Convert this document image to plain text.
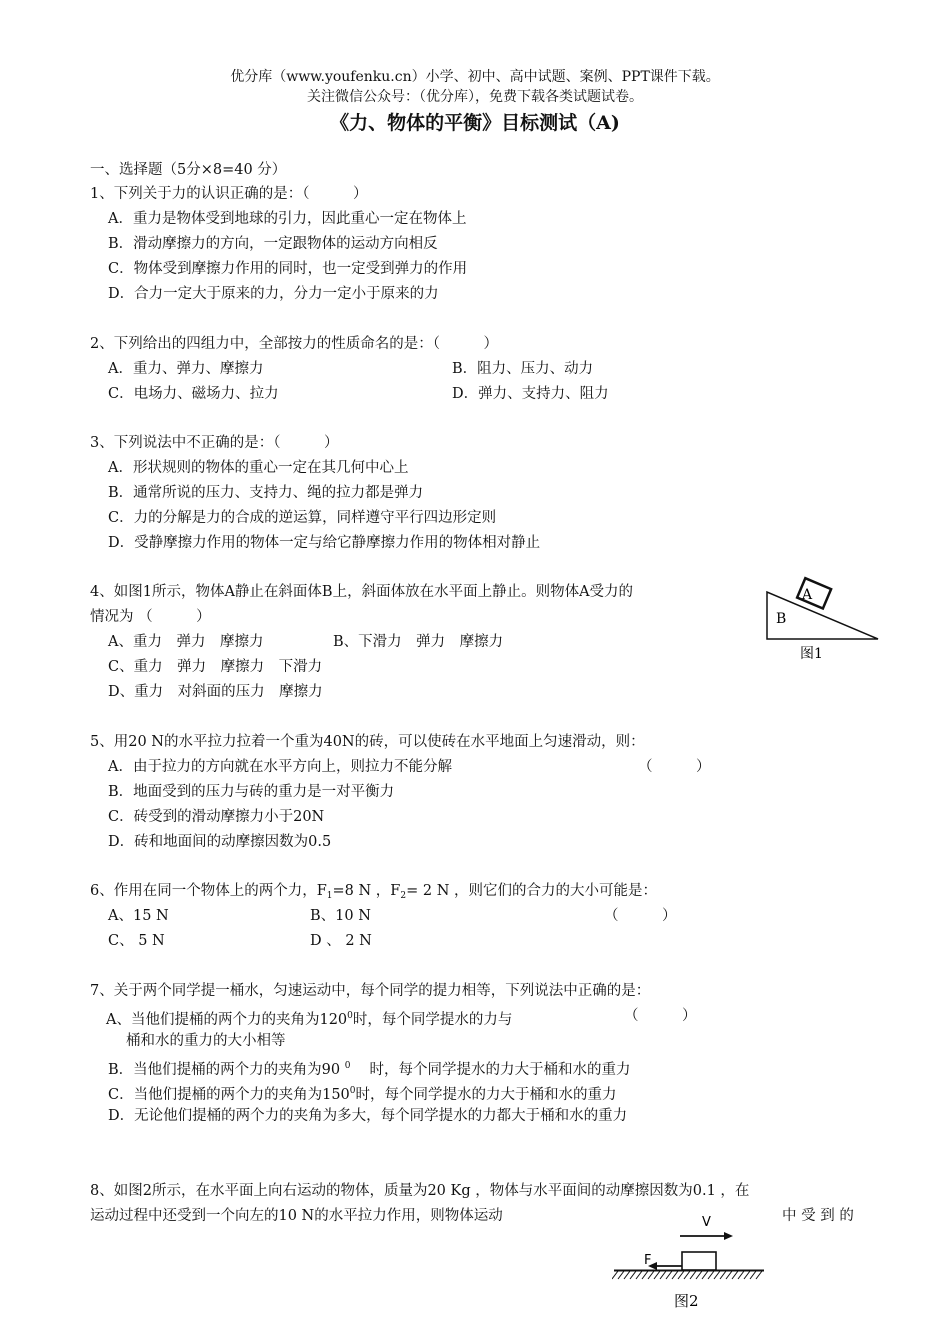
优分库（www.youfenku.cn）小学、初中、高中试题、案例、PPT课件下载。
关注微信公众号：（优分库），免费下载各类试题试卷。
《力、物体的平衡》目标测试（A)
一、选择题（5分×8=40 分）
1、下列关于力的认识正确的是：（　　　）
A．重力是物体受到地球的引力，因此重心一定在物体上
B．滑动摩擦力的方向，一定跟物体的运动方向相反
C．物体受到摩擦力作用的同时，也一定受到弹力的作用
D．合力一定大于原来的力，分力一定小于原来的力
2、下列给出的四组力中，全部按力的性质命名的是：（　　　）
A．重力、弹力、摩擦力	B．阻力、压力、动力
C．电场力、磁场力、拉力	D．弹力、支持力、阻力
3、下列说法中不正确的是：（　　　）
A．形状规则的物体的重心一定在其几何中心上
B．通常所说的压力、支持力、绳的拉力都是弹力
C．力的分解是力的合成的逆运算，同样遵守平行四边形定则
D．受静摩擦力作用的物体一定与给它静摩擦力作用的物体相对静止
4、如图1所示，物体A静止在斜面体B上，斜面体放在水平面上静止。则物体A受力的
情况为 （　　　）
A、重力　弹力　摩擦力	B、下滑力　弹力　摩擦力
C、重力　弹力　摩擦力　下滑力
D、重力　对斜面的压力　摩擦力
A
B
图1
5、用20 N的水平拉力拉着一个重为40N的砖，可以使砖在水平地面上匀速滑动，则：
A．由于拉力的方向就在水平方向上，则拉力不能分解	（　　　）
B．地面受到的压力与砖的重力是一对平衡力
C．砖受到的滑动摩擦力小于20N
D．砖和地面间的动摩擦因数为0.5
6、作用在同一个物体上的两个力，$F_1=8$ N ，$F_2= 2$ N ，则它们的合力的大小可能是：
A、15 N	B、10 N	（　　　）
C、 5 N	D 、 2 N
7、关于两个同学提一桶水，匀速运动中，每个同学的提力相等，下列说法中正确的是：
A、当他们提桶的两个力的夹角为$120^0$时，每个同学提水的力与	（　　　）
桶和水的重力的大小相等
B．当他们提桶的两个力的夹角为90 $^0$　 时，每个同学提水的力大于桶和水的重力
C．当他们提桶的两个力的夹角为$150^0$时，每个同学提水的力大于桶和水的重力
D．无论他们提桶的两个力的夹角为多大，每个同学提水的力都大于桶和水的重力
8、如图2所示，在水平面上向右运动的物体，质量为20 Kg ，物体与水平面间的动摩擦因数为0.1 ，在
运动过程中还受到一个向左的10 N的水平拉力作用，则物体运动	中 受 到 的
V
F
图2
